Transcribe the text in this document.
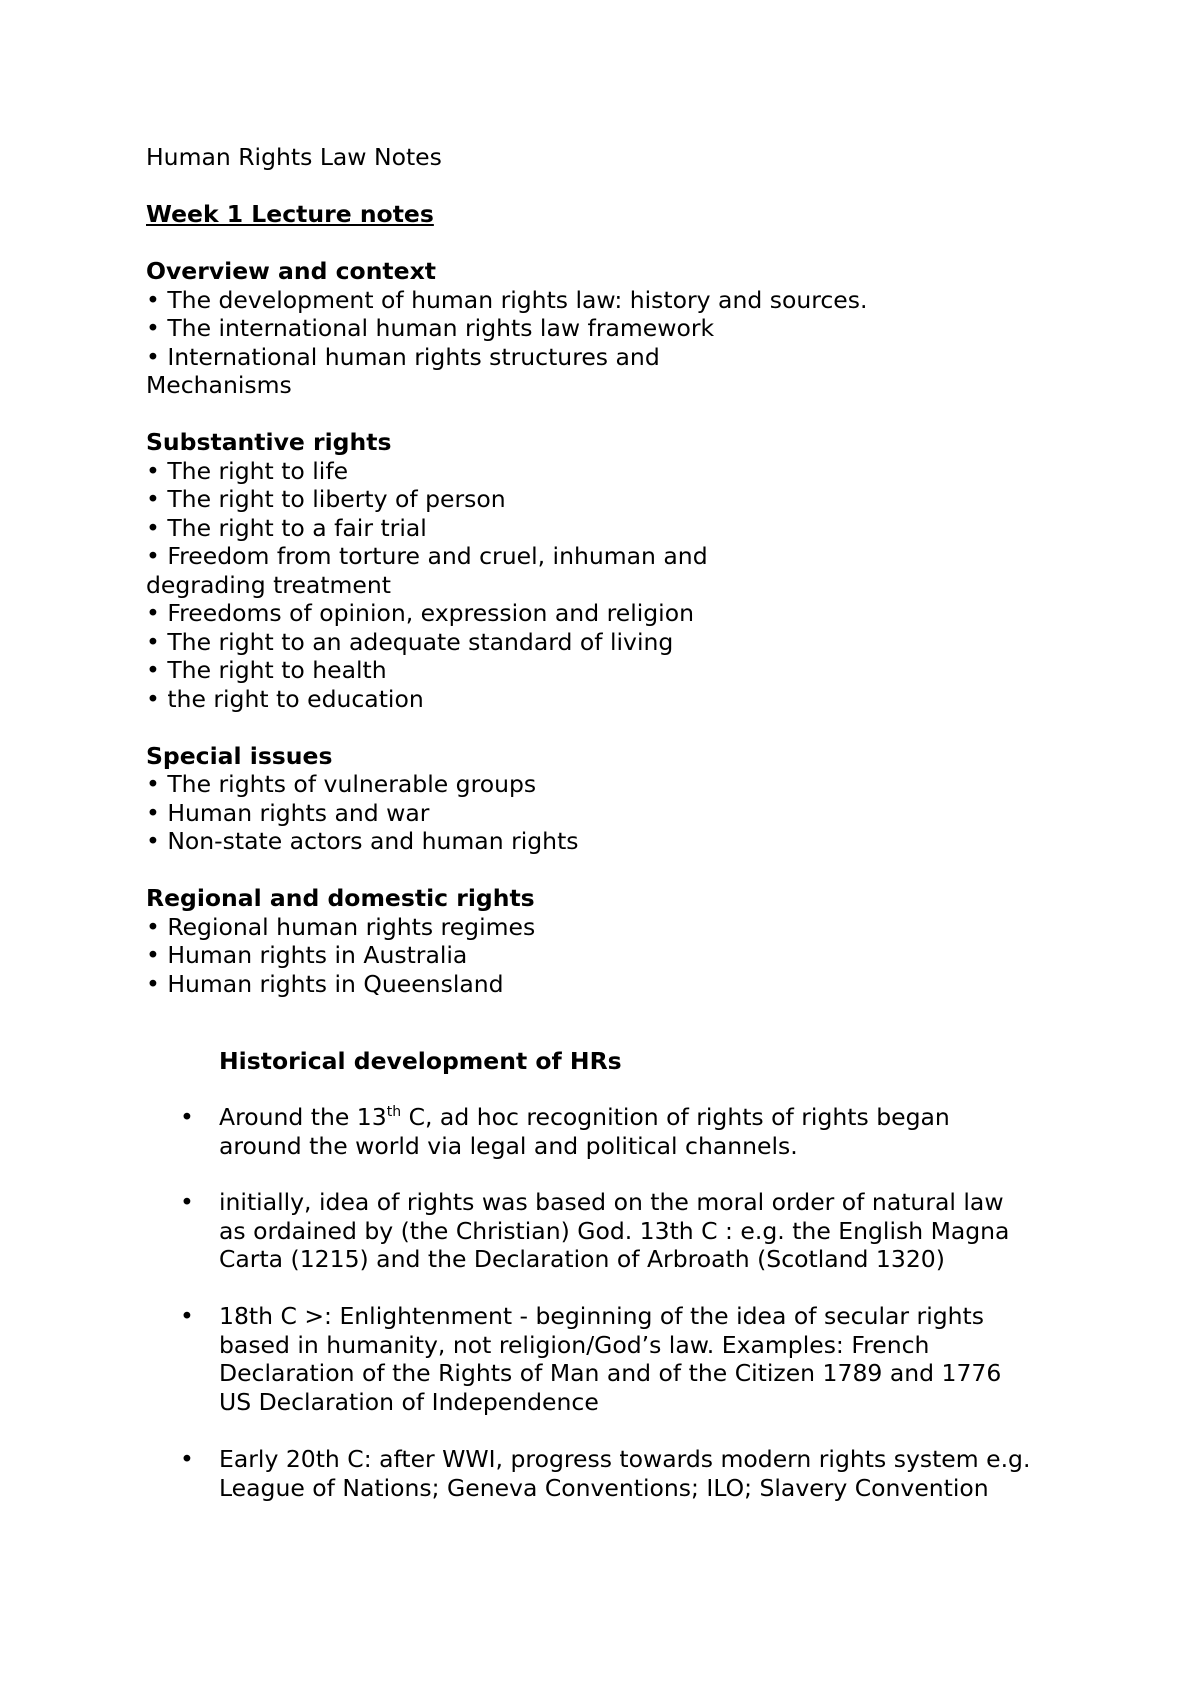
Human Rights Law Notes
Week 1 Lecture notes
Overview and context
• The development of human rights law: history and sources.
• The international human rights law framework
• International human rights structures and
Mechanisms
Substantive rights
• The right to life
• The right to liberty of person
• The right to a fair trial
• Freedom from torture and cruel, inhuman and
degrading treatment
• Freedoms of opinion, expression and religion
• The right to an adequate standard of living
• The right to health
• the right to education
Special issues
• The rights of vulnerable groups
• Human rights and war
• Non-state actors and human rights
Regional and domestic rights
• Regional human rights regimes
• Human rights in Australia
• Human rights in Queensland
Historical development of HRs
• Around the 13th C, ad hoc recognition of rights of rights began
around the world via legal and political channels.
• initially, idea of rights was based on the moral order of natural law
as ordained by (the Christian) God. 13th C : e.g. the English Magna
Carta (1215) and the Declaration of Arbroath (Scotland 1320)
• 18th C >: Enlightenment - beginning of the idea of secular rights
based in humanity, not religion/God’s law. Examples: French
Declaration of the Rights of Man and of the Citizen 1789 and 1776
US Declaration of Independence
• Early 20th C: after WWI, progress towards modern rights system e.g.
League of Nations; Geneva Conventions; ILO; Slavery Convention
